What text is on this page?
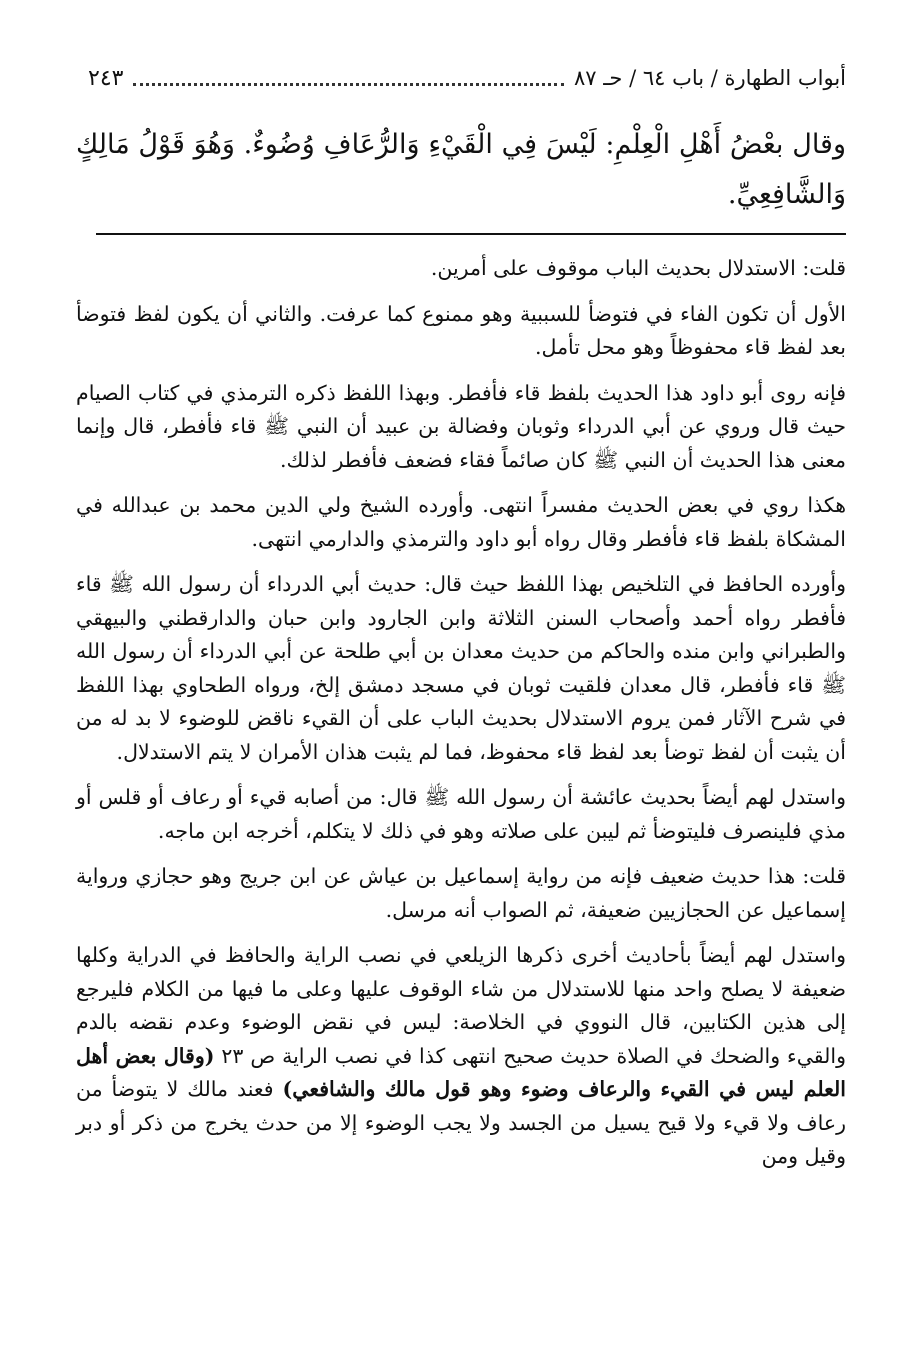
أبواب الطهارة / باب ٦٤ / حـ ٨٧
٢٤٣
وقال بعْضُ أَهْلِ الْعِلْمِ: لَيْسَ فِي الْقَيْءِ وَالرُّعَافِ وُضُوءٌ. وَهُوَ قَوْلُ مَالِكٍ وَالشَّافِعِيِّ.

قلت: الاستدلال بحديث الباب موقوف على أمرين.

الأول أن تكون الفاء في فتوضأ للسببية وهو ممنوع كما عرفت. والثاني أن يكون لفظ فتوضأ بعد لفظ قاء محفوظاً وهو محل تأمل.

فإنه روى أبو داود هذا الحديث بلفظ قاء فأفطر. وبهذا اللفظ ذكره الترمذي في كتاب الصيام حيث قال وروي عن أبي الدرداء وثوبان وفضالة بن عبيد أن النبي ﷺ قاء فأفطر، قال وإنما معنى هذا الحديث أن النبي ﷺ كان صائماً فقاء فضعف فأفطر لذلك.

هكذا روي في بعض الحديث مفسراً انتهى. وأورده الشيخ ولي الدين محمد بن عبدالله في المشكاة بلفظ قاء فأفطر وقال رواه أبو داود والترمذي والدارمي انتهى.

وأورده الحافظ في التلخيص بهذا اللفظ حيث قال: حديث أبي الدرداء أن رسول الله ﷺ قاء فأفطر رواه أحمد وأصحاب السنن الثلاثة وابن الجارود وابن حبان والدارقطني والبيهقي والطبراني وابن منده والحاكم من حديث معدان بن أبي طلحة عن أبي الدرداء أن رسول الله ﷺ قاء فأفطر، قال معدان فلقيت ثوبان في مسجد دمشق إلخ، ورواه الطحاوي بهذا اللفظ في شرح الآثار فمن يروم الاستدلال بحديث الباب على أن القيء ناقض للوضوء لا بد له من أن يثبت أن لفظ توضأ بعد لفظ قاء محفوظ، فما لم يثبت هذان الأمران لا يتم الاستدلال.

واستدل لهم أيضاً بحديث عائشة أن رسول الله ﷺ قال: من أصابه قيء أو رعاف أو قلس أو مذي فلينصرف فليتوضأ ثم ليبن على صلاته وهو في ذلك لا يتكلم، أخرجه ابن ماجه.

قلت: هذا حديث ضعيف فإنه من رواية إسماعيل بن عياش عن ابن جريج وهو حجازي ورواية إسماعيل عن الحجازيين ضعيفة، ثم الصواب أنه مرسل.

واستدل لهم أيضاً بأحاديث أخرى ذكرها الزيلعي في نصب الراية والحافظ في الدراية وكلها ضعيفة لا يصلح واحد منها للاستدلال من شاء الوقوف عليها وعلى ما فيها من الكلام فليرجع إلى هذين الكتابين، قال النووي في الخلاصة: ليس في نقض الوضوء وعدم نقضه بالدم والقيء والضحك في الصلاة حديث صحيح انتهى كذا في نصب الراية ص ٢٣ (وقال بعض أهل العلم ليس في القيء والرعاف وضوء وهو قول مالك والشافعي) فعند مالك لا يتوضأ من رعاف ولا قيء ولا قيح يسيل من الجسد ولا يجب الوضوء إلا من حدث يخرج من ذكر أو دبر وقيل ومن
